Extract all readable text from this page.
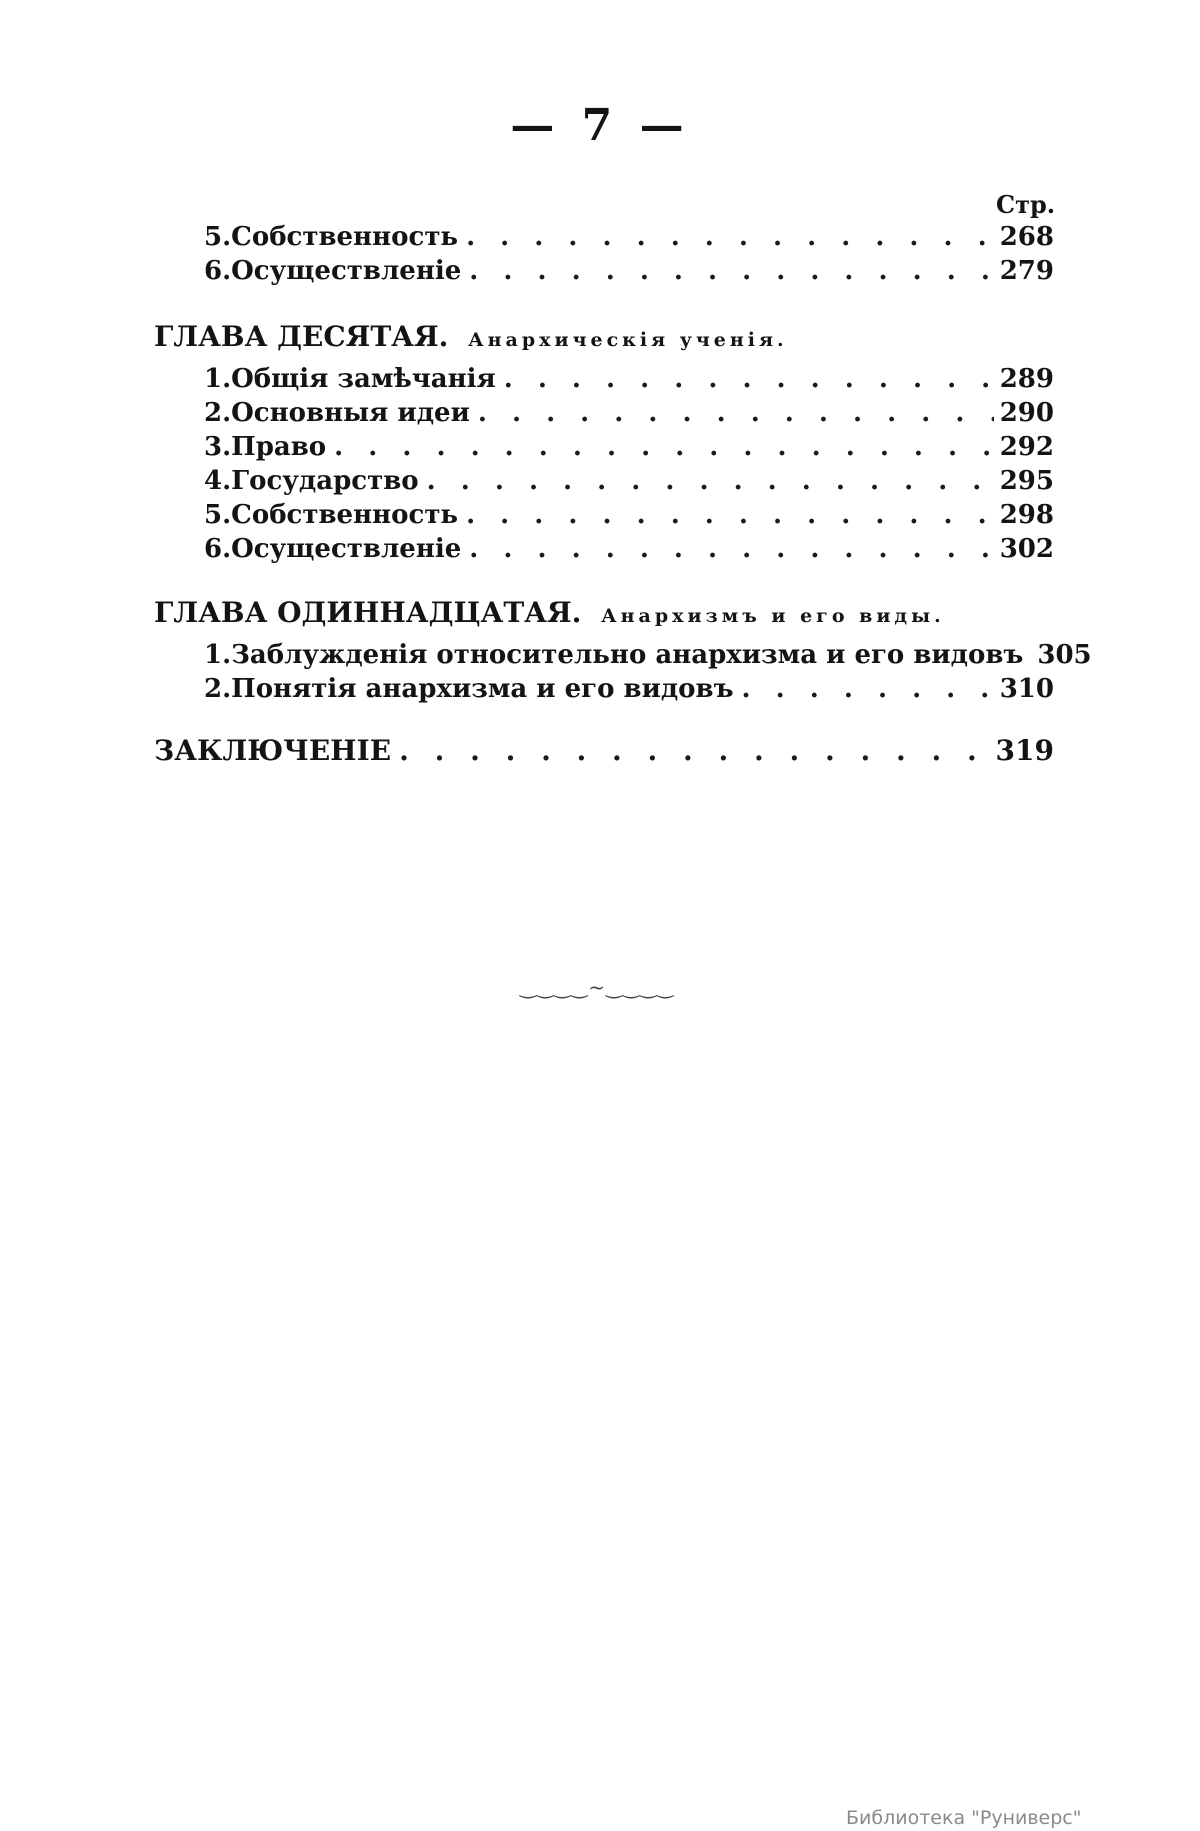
— 7 —
Стр.
5. Собственность . . .	268
6. Осуществленіе . . .	279
ГЛАВА ДЕСЯТАЯ. Анархическія ученія.
1. Общія замѣчанія . . .	289
2. Основныя идеи . . .	290
3. Право . . .	292
4. Государство . . .	295
5. Собственность . . .	298
6. Осуществленіе . . .	302
ГЛАВА ОДИННАДЦАТАЯ. Анархизмъ и его виды.
1. Заблужденія относительно анархизма и его видовъ 305
2. Понятія анархизма и его видовъ . . .	310
ЗАКЛЮЧЕНІЕ . . .	319
‿‿‿‿~‿‿‿‿
Библиотека "Руниверс"
